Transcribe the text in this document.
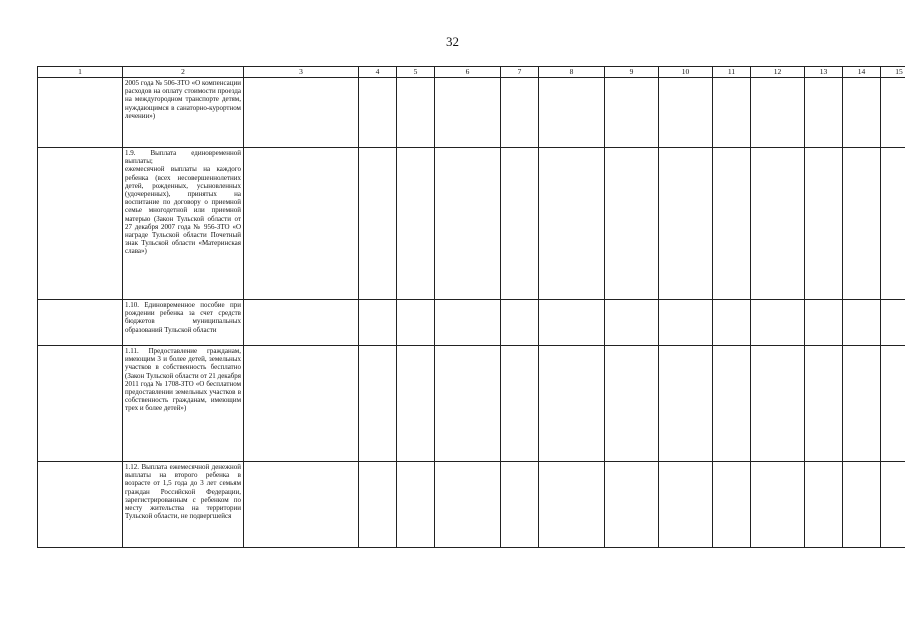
32
1	2	3	4	5	6	7	8	9	10	11	12	13	14	15
	2005 года № 506-ЗТО «О компенсации расходов на оплату стоимости проезда на междугородном транспорте детям, нуждающимся в санаторно-курортном лечении»)													
	1.9. Выплата единовременной выплаты;
ежемесячной выплаты на каждого ребенка (всех несовершеннолетних детей, рожденных, усыновленных (удочеренных), принятых на воспитание по договору о приемной семье многодетной или приемной матерью (Закон Тульской области от 27 декабря 2007 года № 956-ЗТО «О награде Тульской области Почетный знак Тульской области «Материнская слава»)													
	1.10. Единовременное пособие при рождении ребенка за счет средств бюджетов муниципальных образований Тульской области													
	1.11. Предоставление гражданам, имеющим 3 и более детей, земельных участков в собственность бесплатно (Закон Тульской области от 21 декабря 2011 года № 1708-ЗТО «О бесплатном предоставлении земельных участков в собственность гражданам, имеющим трех и более детей»)													
	1.12. Выплата ежемесячной денежной выплаты на второго ребенка в возрасте от 1,5 года до 3 лет семьям граждан Российской Федерации, зарегистрированным с ребенком по месту жительства на территории Тульской области, не подвергшейся													
